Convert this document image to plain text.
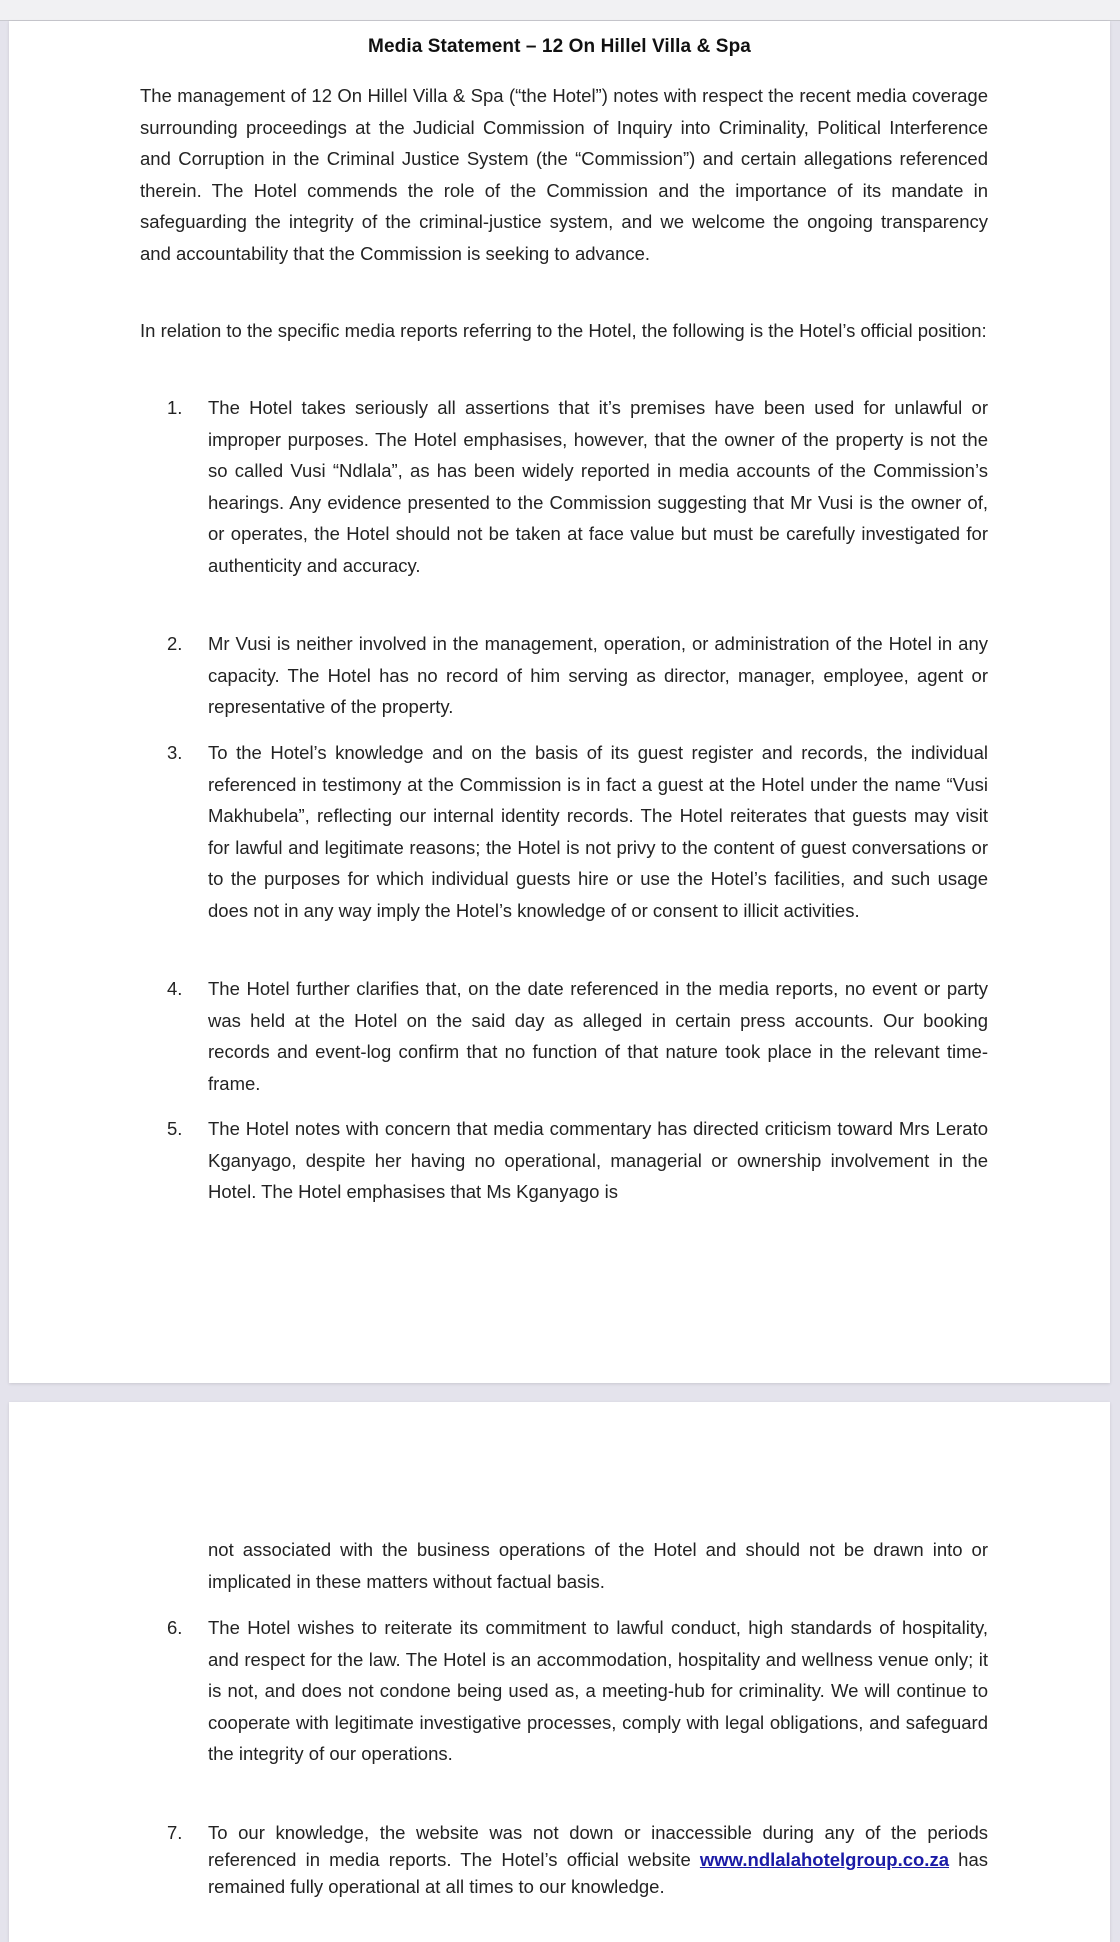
Media Statement – 12 On Hillel Villa & Spa
The management of 12 On Hillel Villa & Spa (“the Hotel”) notes with respect the recent media coverage surrounding proceedings at the Judicial Commission of Inquiry into Criminality, Political Interference and Corruption in the Criminal Justice System (the “Commission”) and certain allegations referenced therein. The Hotel commends the role of the Commission and the importance of its mandate in safeguarding the integrity of the criminal-justice system, and we welcome the ongoing transparency and accountability that the Commission is seeking to advance.
In relation to the specific media reports referring to the Hotel, the following is the Hotel’s official position:
1.	The Hotel takes seriously all assertions that it’s premises have been used for unlawful or improper purposes. The Hotel emphasises, however, that the owner of the property is not the so called Vusi “Ndlala”, as has been widely reported in media accounts of the Commission’s hearings. Any evidence presented to the Commission suggesting that Mr Vusi is the owner of, or operates, the Hotel should not be taken at face value but must be carefully investigated for authenticity and accuracy.
2.	Mr Vusi is neither involved in the management, operation, or administration of the Hotel in any capacity. The Hotel has no record of him serving as director, manager, employee, agent or representative of the property.
3.	To the Hotel’s knowledge and on the basis of its guest register and records, the individual referenced in testimony at the Commission is in fact a guest at the Hotel under the name “Vusi Makhubela”, reflecting our internal identity records. The Hotel reiterates that guests may visit for lawful and legitimate reasons; the Hotel is not privy to the content of guest conversations or to the purposes for which individual guests hire or use the Hotel’s facilities, and such usage does not in any way imply the Hotel’s knowledge of or consent to illicit activities.
4.	The Hotel further clarifies that, on the date referenced in the media reports, no event or party was held at the Hotel on the said day as alleged in certain press accounts. Our booking records and event-log confirm that no function of that nature took place in the relevant time-frame.
5.	The Hotel notes with concern that media commentary has directed criticism toward Mrs Lerato Kganyago, despite her having no operational, managerial or ownership involvement in the Hotel. The Hotel emphasises that Ms Kganyago is
not associated with the business operations of the Hotel and should not be drawn into or implicated in these matters without factual basis.
6.	The Hotel wishes to reiterate its commitment to lawful conduct, high standards of hospitality, and respect for the law. The Hotel is an accommodation, hospitality and wellness venue only; it is not, and does not condone being used as, a meeting-hub for criminality. We will continue to cooperate with legitimate investigative processes, comply with legal obligations, and safeguard the integrity of our operations.
7.	To our knowledge, the website was not down or inaccessible during any of the periods referenced in media reports. The Hotel’s official website www.ndlalahotelgroup.co.za has remained fully operational at all times to our knowledge.
